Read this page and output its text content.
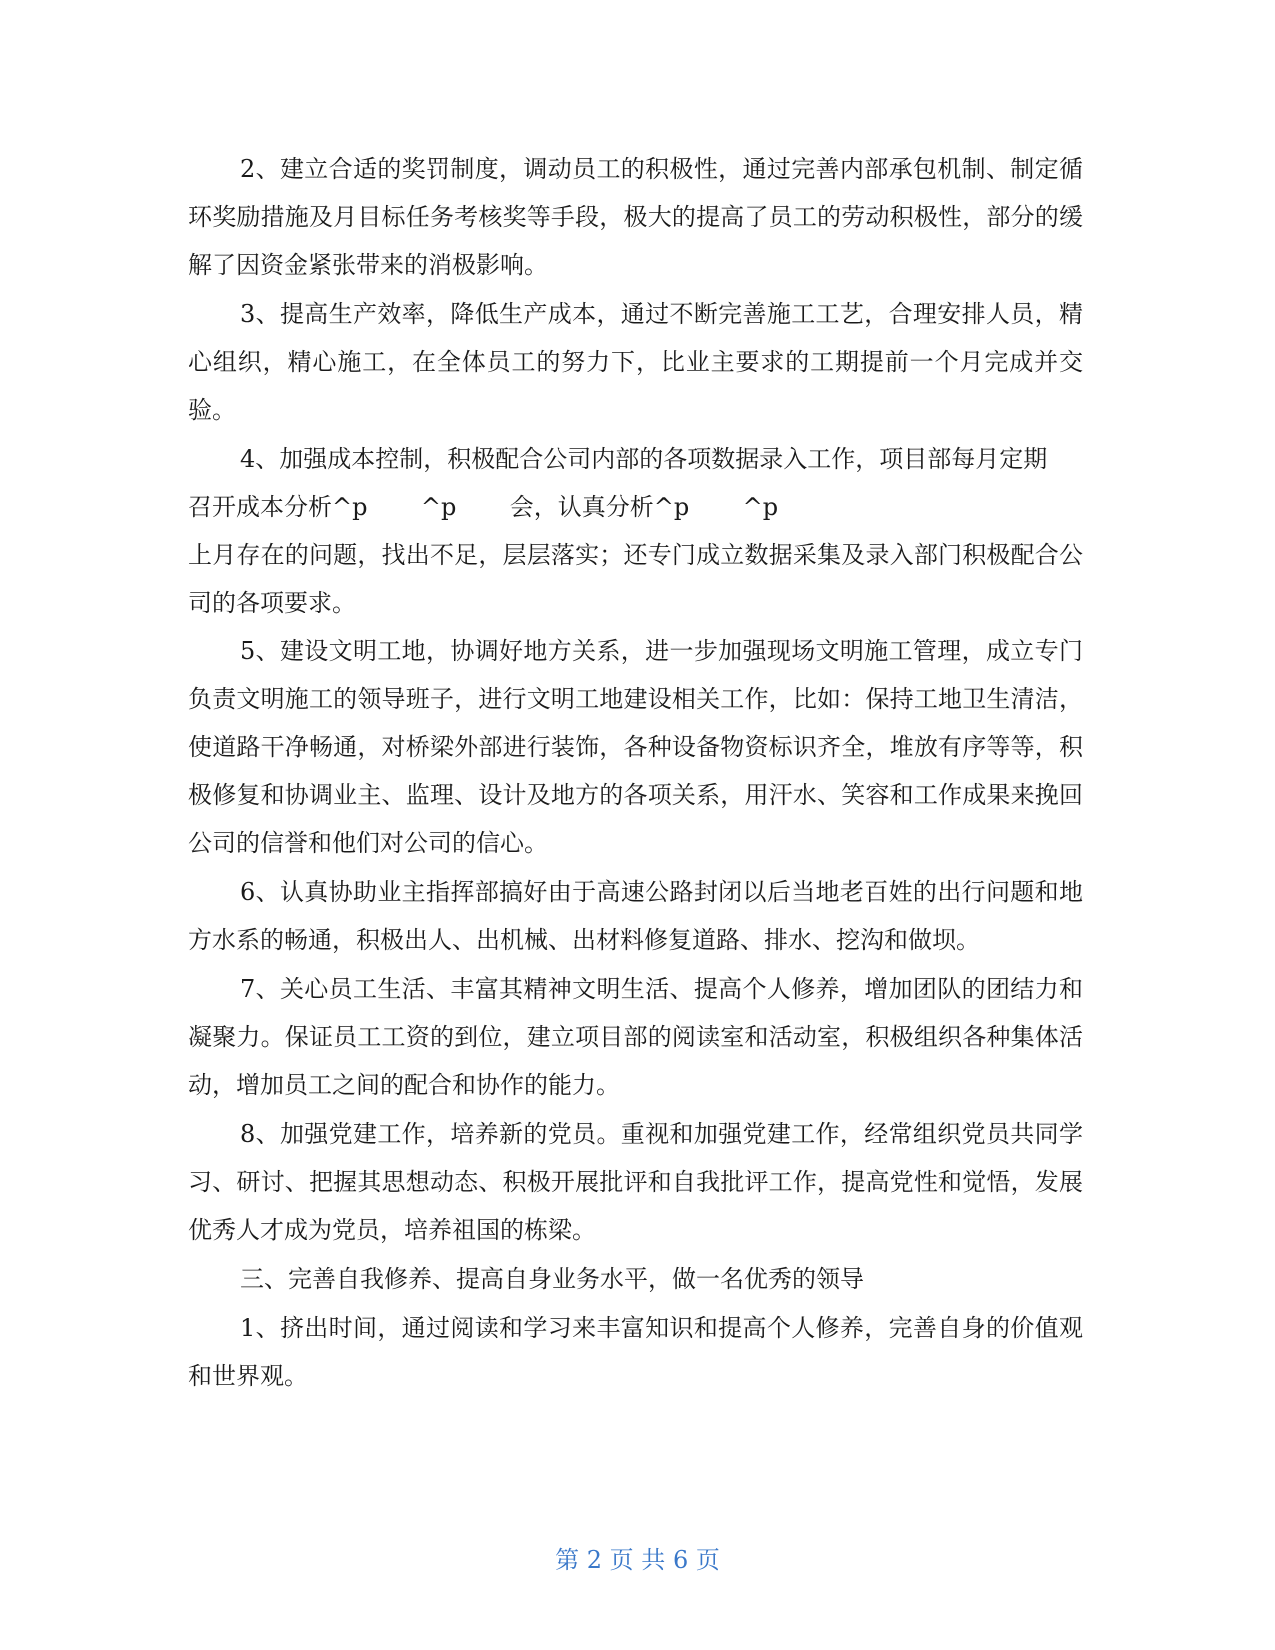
2、建立合适的奖罚制度，调动员工的积极性，通过完善内部承包机制、制定循环奖励措施及月目标任务考核奖等手段，极大的提高了员工的劳动积极性，部分的缓解了因资金紧张带来的消极影响。

3、提高生产效率，降低生产成本，通过不断完善施工工艺，合理安排人员，精心组织，精心施工，在全体员工的努力下，比业主要求的工期提前一个月完成并交验。

4、加强成本控制，积极配合公司内部的各项数据录入工作，项目部每月定期
召开成本分析^p       ^p       会，认真分析^p       ^p
上月存在的问题，找出不足，层层落实；还专门成立数据采集及录入部门积极配合公司的各项要求。

5、建设文明工地，协调好地方关系，进一步加强现场文明施工管理，成立专门负责文明施工的领导班子，进行文明工地建设相关工作，比如：保持工地卫生清洁，使道路干净畅通，对桥梁外部进行装饰，各种设备物资标识齐全，堆放有序等等，积极修复和协调业主、监理、设计及地方的各项关系，用汗水、笑容和工作成果来挽回公司的信誉和他们对公司的信心。

6、认真协助业主指挥部搞好由于高速公路封闭以后当地老百姓的出行问题和地方水系的畅通，积极出人、出机械、出材料修复道路、排水、挖沟和做坝。

7、关心员工生活、丰富其精神文明生活、提高个人修养，增加团队的团结力和凝聚力。保证员工工资的到位，建立项目部的阅读室和活动室，积极组织各种集体活动，增加员工之间的配合和协作的能力。

8、加强党建工作，培养新的党员。重视和加强党建工作，经常组织党员共同学习、研讨、把握其思想动态、积极开展批评和自我批评工作，提高党性和觉悟，发展优秀人才成为党员，培养祖国的栋梁。

三、完善自我修养、提高自身业务水平，做一名优秀的领导

1、挤出时间，通过阅读和学习来丰富知识和提高个人修养，完善自身的价值观和世界观。

第 2 页 共 6 页
